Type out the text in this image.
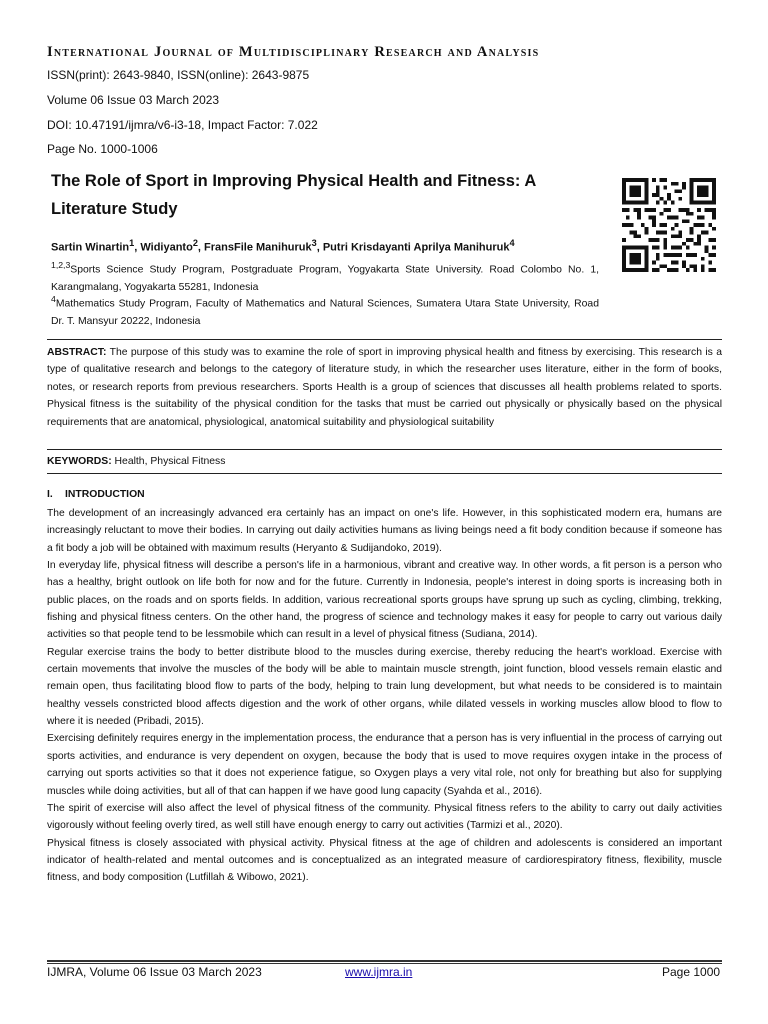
International Journal of Multidisciplinary Research and Analysis
ISSN(print): 2643-9840, ISSN(online): 2643-9875
Volume 06 Issue 03 March 2023
DOI: 10.47191/ijmra/v6-i3-18, Impact Factor: 7.022
Page No. 1000-1006
The Role of Sport in Improving Physical Health and Fitness: A Literature Study
Sartin Winartin$^1$, Widiyanto$^2$, FransFile Manihuruk$^3$, Putri Krisdayanti Aprilya Manihuruk$^4$
$^{1,2,3}$Sports Science Study Program, Postgraduate Program, Yogyakarta State University. Road Colombo No. 1, Karangmalang, Yogyakarta 55281, Indonesia
$^4$Mathematics Study Program, Faculty of Mathematics and Natural Sciences, Sumatera Utara State University, Road Dr. T. Mansyur 20222, Indonesia
ABSTRACT: The purpose of this study was to examine the role of sport in improving physical health and fitness by exercising. This research is a type of qualitative research and belongs to the category of literature study, in which the researcher uses literature, either in the form of books, notes, or research reports from previous researchers. Sports Health is a group of sciences that discusses all health problems related to sports. Physical fitness is the suitability of the physical condition for the tasks that must be carried out physically or physically based on the physical requirements that are anatomical, physiological, anatomical suitability and physiological suitability
KEYWORDS: Health, Physical Fitness
I. INTRODUCTION

The development of an increasingly advanced era certainly has an impact on one's life. However, in this sophisticated modern era, humans are increasingly reluctant to move their bodies. In carrying out daily activities humans as living beings need a fit body condition because if someone has a fit body a job will be obtained with maximum results (Heryanto & Sudijandoko, 2019).

In everyday life, physical fitness will describe a person's life in a harmonious, vibrant and creative way. In other words, a fit person is a person who has a healthy, bright outlook on life both for now and for the future. Currently in Indonesia, people's interest in doing sports is increasing both in public places, on the roads and on sports fields. In addition, various recreational sports groups have sprung up such as cycling, climbing, trekking, fishing and physical fitness centers. On the other hand, the progress of science and technology makes it easy for people to carry out various daily activities so that people tend to be lessmobile which can result in a level of physical fitness (Sudiana, 2014).

Regular exercise trains the body to better distribute blood to the muscles during exercise, thereby reducing the heart's workload. Exercise with certain movements that involve the muscles of the body will be able to maintain muscle strength, joint function, blood vessels remain elastic and remain open, thus facilitating blood flow to parts of the body, helping to train lung development, but what needs to be considered is to maintain healthy vessels constricted blood affects digestion and the work of other organs, while dilated vessels in working muscles allow blood to flow to where it is needed (Pribadi, 2015).

Exercising definitely requires energy in the implementation process, the endurance that a person has is very influential in the process of carrying out sports activities, and endurance is very dependent on oxygen, because the body that is used to move requires oxygen intake in the process of carrying out sports activities so that it does not experience fatigue, so Oxygen plays a very vital role, not only for breathing but also for supplying muscles while doing activities, but all of that can happen if we have good lung capacity (Syahda et al., 2016).

The spirit of exercise will also affect the level of physical fitness of the community. Physical fitness refers to the ability to carry out daily activities vigorously without feeling overly tired, as well still have enough energy to carry out activities (Tarmizi et al., 2020).

Physical fitness is closely associated with physical activity. Physical fitness at the age of children and adolescents is considered an important indicator of health-related and mental outcomes and is conceptualized as an integrated measure of cardiorespiratory fitness, flexibility, muscle fitness, and body composition (Lutfillah & Wibowo, 2021).

IJMRA, Volume 06 Issue 03 March 2023	www.ijmra.in	Page 1000
